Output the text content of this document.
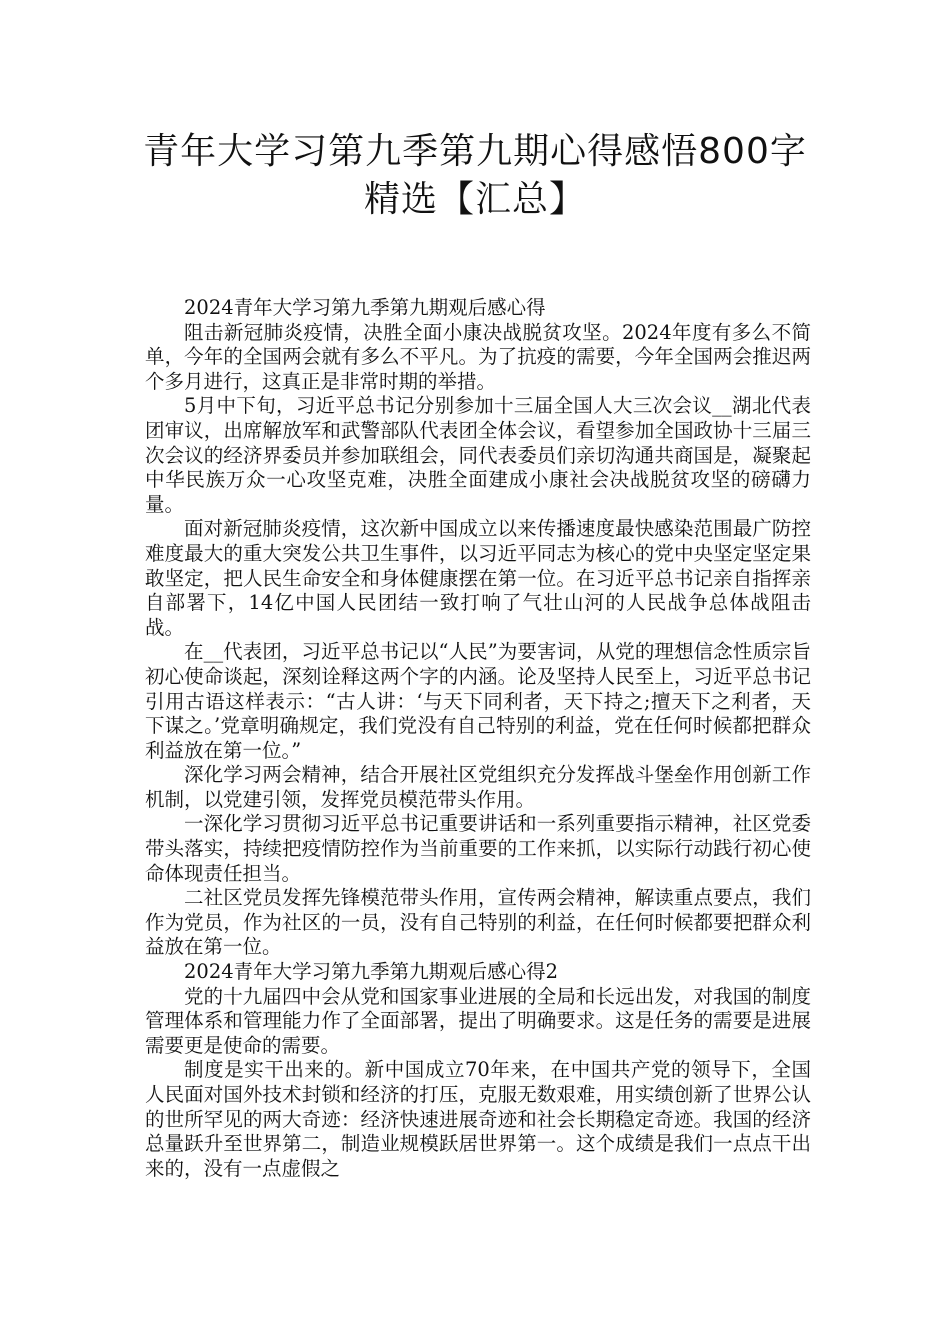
青年大学习第九季第九期心得感悟800字精选【汇总】

2024青年大学习第九季第九期观后感心得

阻击新冠肺炎疫情，决胜全面小康决战脱贫攻坚。2024年度有多么不简单，今年的全国两会就有多么不平凡。为了抗疫的需要，今年全国两会推迟两个多月进行，这真正是非常时期的举措。

5月中下旬，习近平总书记分别参加十三届全国人大三次会议__湖北代表团审议，出席解放军和武警部队代表团全体会议，看望参加全国政协十三届三次会议的经济界委员并参加联组会，同代表委员们亲切沟通共商国是，凝聚起中华民族万众一心攻坚克难，决胜全面建成小康社会决战脱贫攻坚的磅礴力量。

面对新冠肺炎疫情，这次新中国成立以来传播速度最快感染范围最广防控难度最大的重大突发公共卫生事件，以习近平同志为核心的党中央坚定坚定果敢坚定，把人民生命安全和身体健康摆在第一位。在习近平总书记亲自指挥亲自部署下，14亿中国人民团结一致打响了气壮山河的人民战争总体战阻击战。

在__代表团，习近平总书记以“人民”为要害词，从党的理想信念性质宗旨初心使命谈起，深刻诠释这两个字的内涵。论及坚持人民至上，习近平总书记引用古语这样表示：“古人讲：‘与天下同利者，天下持之;擅天下之利者，天下谋之。’党章明确规定，我们党没有自己特别的利益，党在任何时候都把群众利益放在第一位。”

深化学习两会精神，结合开展社区党组织充分发挥战斗堡垒作用创新工作机制，以党建引领，发挥党员模范带头作用。

一深化学习贯彻习近平总书记重要讲话和一系列重要指示精神，社区党委带头落实，持续把疫情防控作为当前重要的工作来抓，以实际行动践行初心使命体现责任担当。

二社区党员发挥先锋模范带头作用，宣传两会精神，解读重点要点，我们作为党员，作为社区的一员，没有自己特别的利益，在任何时候都要把群众利益放在第一位。

2024青年大学习第九季第九期观后感心得2

党的十九届四中会从党和国家事业进展的全局和长远出发，对我国的制度管理体系和管理能力作了全面部署，提出了明确要求。这是任务的需要是进展需要更是使命的需要。

制度是实干出来的。新中国成立70年来，在中国共产党的领导下，全国人民面对国外技术封锁和经济的打压，克服无数艰难，用实绩创新了世界公认的世所罕见的两大奇迹：经济快速进展奇迹和社会长期稳定奇迹。我国的经济总量跃升至世界第二，制造业规模跃居世界第一。这个成绩是我们一点点干出来的，没有一点虚假之
